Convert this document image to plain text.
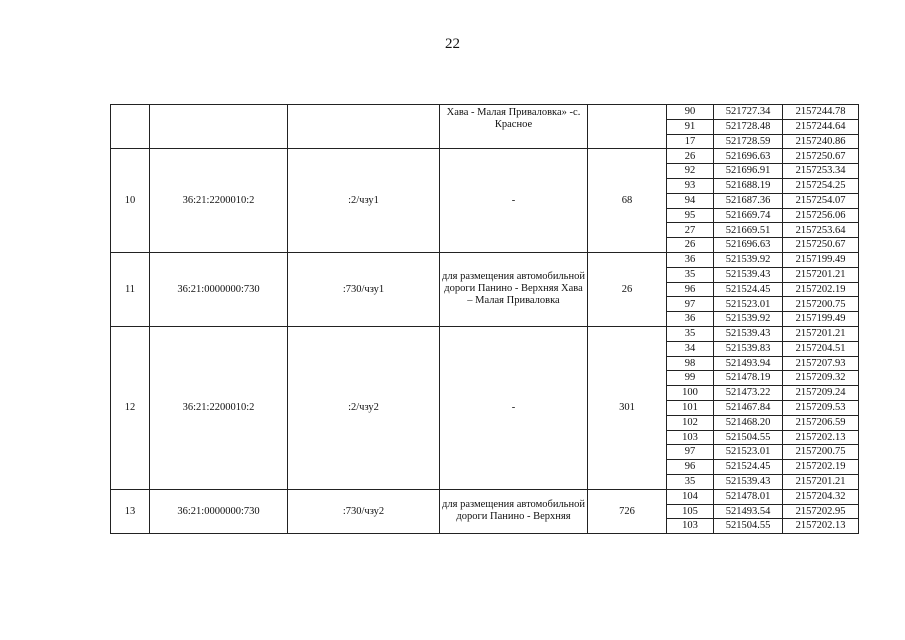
22
			Хава - Малая Приваловка» -с. Красное		90	521727.34	2157244.78
					91	521728.48	2157244.64
					17	521728.59	2157240.86
10	36:21:2200010:2	:2/чзу1	-	68	26	521696.63	2157250.67
					92	521696.91	2157253.34
					93	521688.19	2157254.25
					94	521687.36	2157254.07
					95	521669.74	2157256.06
					27	521669.51	2157253.64
					26	521696.63	2157250.67
11	36:21:0000000:730	:730/чзу1	для размещения автомобильной дороги Панино - Верхняя Хава – Малая Приваловка	26	36	521539.92	2157199.49
					35	521539.43	2157201.21
					96	521524.45	2157202.19
					97	521523.01	2157200.75
					36	521539.92	2157199.49
12	36:21:2200010:2	:2/чзу2	-	301	35	521539.43	2157201.21
					34	521539.83	2157204.51
					98	521493.94	2157207.93
					99	521478.19	2157209.32
					100	521473.22	2157209.24
					101	521467.84	2157209.53
					102	521468.20	2157206.59
					103	521504.55	2157202.13
					97	521523.01	2157200.75
					96	521524.45	2157202.19
					35	521539.43	2157201.21
13	36:21:0000000:730	:730/чзу2	для размещения автомобильной дороги Панино - Верхняя	726	104	521478.01	2157204.32
					105	521493.54	2157202.95
					103	521504.55	2157202.13
